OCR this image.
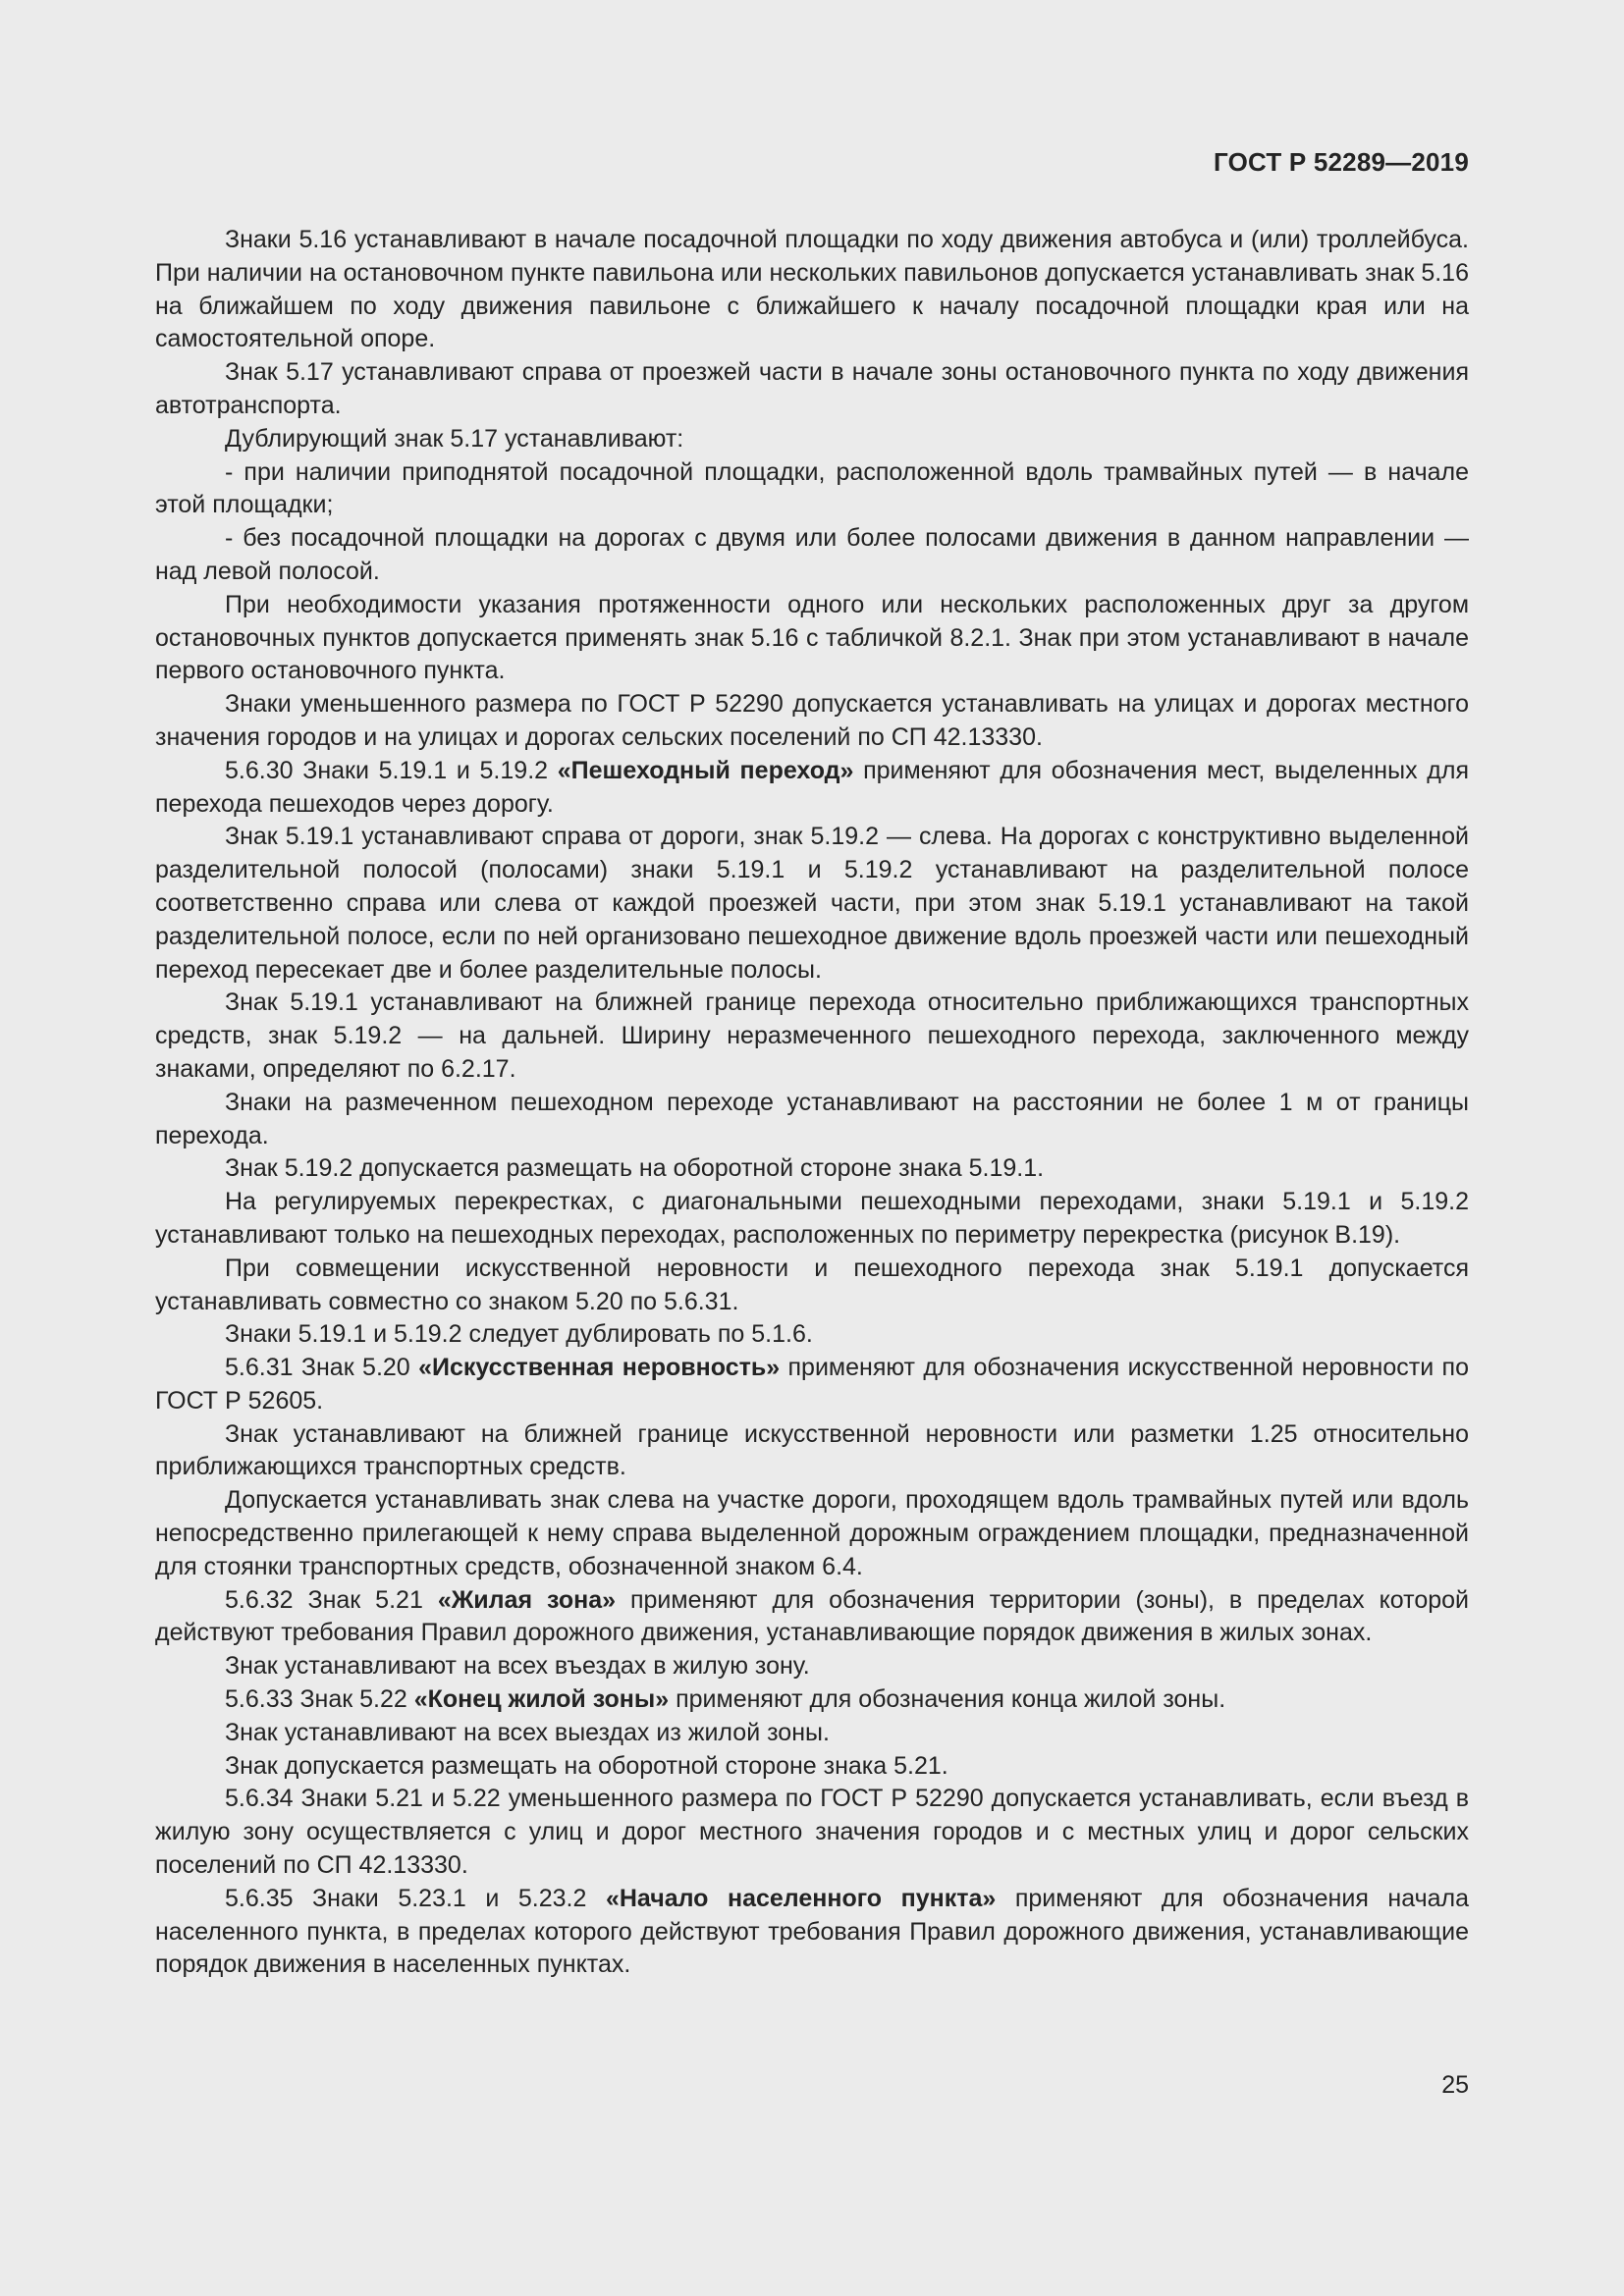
ГОСТ Р 52289—2019

Знаки 5.16 устанавливают в начале посадочной площадки по ходу движения автобуса и (или) троллейбуса. При наличии на остановочном пункте павильона или нескольких павильонов допускается устанавливать знак 5.16 на ближайшем по ходу движения павильоне с ближайшего к началу посадочной площадки края или на самостоятельной опоре.

Знак 5.17 устанавливают справа от проезжей части в начале зоны остановочного пункта по ходу движения автотранспорта.

Дублирующий знак 5.17 устанавливают:

- при наличии приподнятой посадочной площадки, расположенной вдоль трамвайных путей — в начале этой площадки;

- без посадочной площадки на дорогах с двумя или более полосами движения в данном направлении — над левой полосой.

При необходимости указания протяженности одного или нескольких расположенных друг за другом остановочных пунктов допускается применять знак 5.16 с табличкой 8.2.1. Знак при этом устанавливают в начале первого остановочного пункта.

Знаки уменьшенного размера по ГОСТ Р 52290 допускается устанавливать на улицах и дорогах местного значения городов и на улицах и дорогах сельских поселений по СП 42.13330.

5.6.30 Знаки 5.19.1 и 5.19.2 «Пешеходный переход» применяют для обозначения мест, выделенных для перехода пешеходов через дорогу.

Знак 5.19.1 устанавливают справа от дороги, знак 5.19.2 — слева. На дорогах с конструктивно выделенной разделительной полосой (полосами) знаки 5.19.1 и 5.19.2 устанавливают на разделительной полосе соответственно справа или слева от каждой проезжей части, при этом знак 5.19.1 устанавливают на такой разделительной полосе, если по ней организовано пешеходное движение вдоль проезжей части или пешеходный переход пересекает две и более разделительные полосы.

Знак 5.19.1 устанавливают на ближней границе перехода относительно приближающихся транспортных средств, знак 5.19.2 — на дальней. Ширину неразмеченного пешеходного перехода, заключенного между знаками, определяют по 6.2.17.

Знаки на размеченном пешеходном переходе устанавливают на расстоянии не более 1 м от границы перехода.

Знак 5.19.2 допускается размещать на оборотной стороне знака 5.19.1.

На регулируемых перекрестках, с диагональными пешеходными переходами, знаки 5.19.1 и 5.19.2 устанавливают только на пешеходных переходах, расположенных по периметру перекрестка (рисунок В.19).

При совмещении искусственной неровности и пешеходного перехода знак 5.19.1 допускается устанавливать совместно со знаком 5.20 по 5.6.31.

Знаки 5.19.1 и 5.19.2 следует дублировать по 5.1.6.

5.6.31 Знак 5.20 «Искусственная неровность» применяют для обозначения искусственной неровности по ГОСТ Р 52605.

Знак устанавливают на ближней границе искусственной неровности или разметки 1.25 относительно приближающихся транспортных средств.

Допускается устанавливать знак слева на участке дороги, проходящем вдоль трамвайных путей или вдоль непосредственно прилегающей к нему справа выделенной дорожным ограждением площадки, предназначенной для стоянки транспортных средств, обозначенной знаком 6.4.

5.6.32 Знак 5.21 «Жилая зона» применяют для обозначения территории (зоны), в пределах которой действуют требования Правил дорожного движения, устанавливающие порядок движения в жилых зонах.

Знак устанавливают на всех въездах в жилую зону.

5.6.33 Знак 5.22 «Конец жилой зоны» применяют для обозначения конца жилой зоны.

Знак устанавливают на всех выездах из жилой зоны.

Знак допускается размещать на оборотной стороне знака 5.21.

5.6.34 Знаки 5.21 и 5.22 уменьшенного размера по ГОСТ Р 52290 допускается устанавливать, если въезд в жилую зону осуществляется с улиц и дорог местного значения городов и с местных улиц и дорог сельских поселений по СП 42.13330.

5.6.35 Знаки 5.23.1 и 5.23.2 «Начало населенного пункта» применяют для обозначения начала населенного пункта, в пределах которого действуют требования Правил дорожного движения, устанавливающие порядок движения в населенных пунктах.

25
